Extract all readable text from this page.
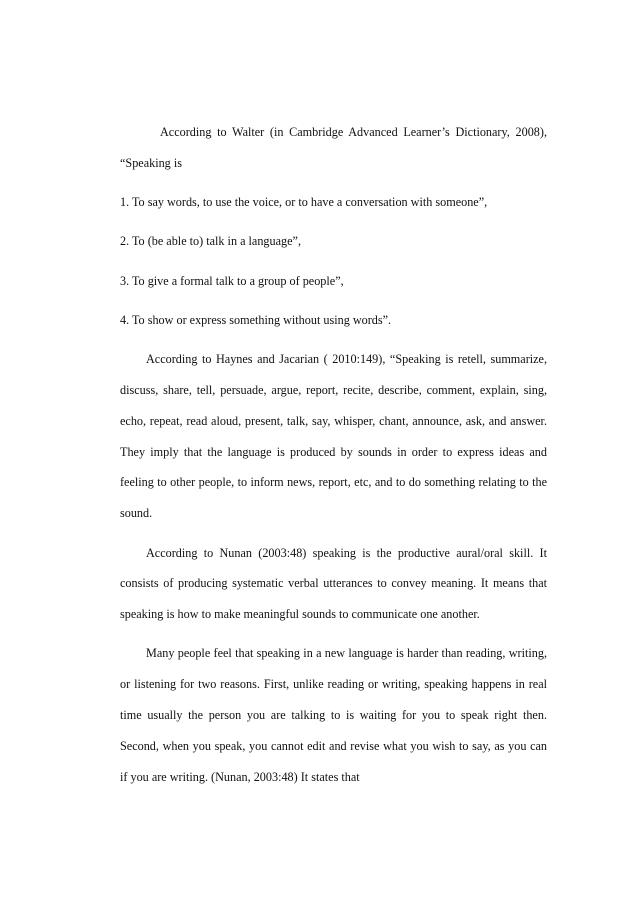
According to Walter (in Cambridge Advanced Learner’s Dictionary, 2008), “Speaking is

1. To say words, to use the voice, or to have a conversation with someone”,

2. To (be able to) talk in a language”,

3. To give a formal talk to a group of people”,

4. To show or express something without using words”.

According to Haynes and Jacarian ( 2010:149), “Speaking is retell, summarize, discuss, share, tell, persuade, argue, report, recite, describe, comment, explain, sing, echo, repeat, read aloud, present, talk, say, whisper, chant, announce, ask, and answer. They imply that the language is produced by sounds in order to express ideas and feeling to other people, to inform news, report, etc, and to do something relating to the sound.

According to Nunan (2003:48) speaking is the productive aural/oral skill. It consists of producing systematic verbal utterances to convey meaning. It means that speaking is how to make meaningful sounds to communicate one another.

Many people feel that speaking in a new language is harder than reading, writing, or listening for two reasons. First, unlike reading or writing, speaking happens in real time usually the person you are talking to is waiting for you to speak right then. Second, when you speak, you cannot edit and revise what you wish to say, as you can if you are writing. (Nunan, 2003:48) It states that
